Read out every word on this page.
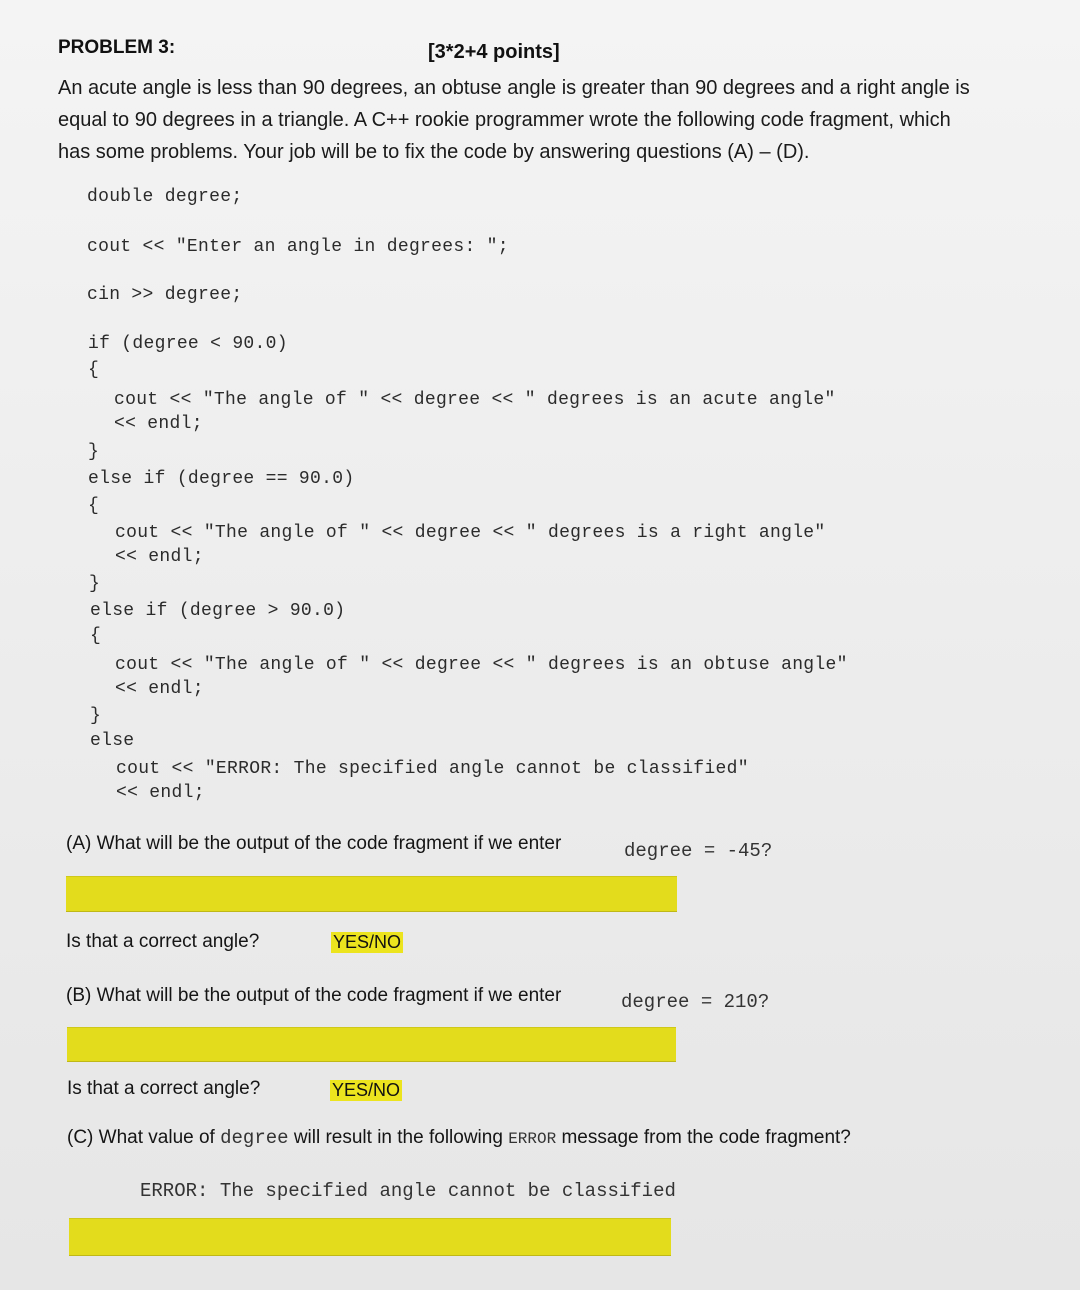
PROBLEM 3:	[3*2+4 points]
An acute angle is less than 90 degrees, an obtuse angle is greater than 90 degrees and a right angle is
equal to 90 degrees in a triangle. A C++ rookie programmer wrote the following code fragment, which
has some problems. Your job will be to fix the code by answering questions (A) – (D).
double degree;
cout << "Enter an angle in degrees: ";
cin >> degree;
if (degree < 90.0)
{
cout << "The angle of " << degree << " degrees is an acute angle"
<< endl;
}
else if (degree == 90.0)
{
cout << "The angle of " << degree << " degrees is a right angle"
<< endl;
}
else if (degree > 90.0)
{
cout << "The angle of " << degree << " degrees is an obtuse angle"
<< endl;
}
else
cout << "ERROR: The specified angle cannot be classified"
<< endl;
(A) What will be the output of the code fragment if we enter	degree = -45?
Is that a correct angle?	YES/NO
(B) What will be the output of the code fragment if we enter	degree = 210?
Is that a correct angle?	YES/NO
(C) What value of degree will result in the following ERROR message from the code fragment?
ERROR: The specified angle cannot be classified
